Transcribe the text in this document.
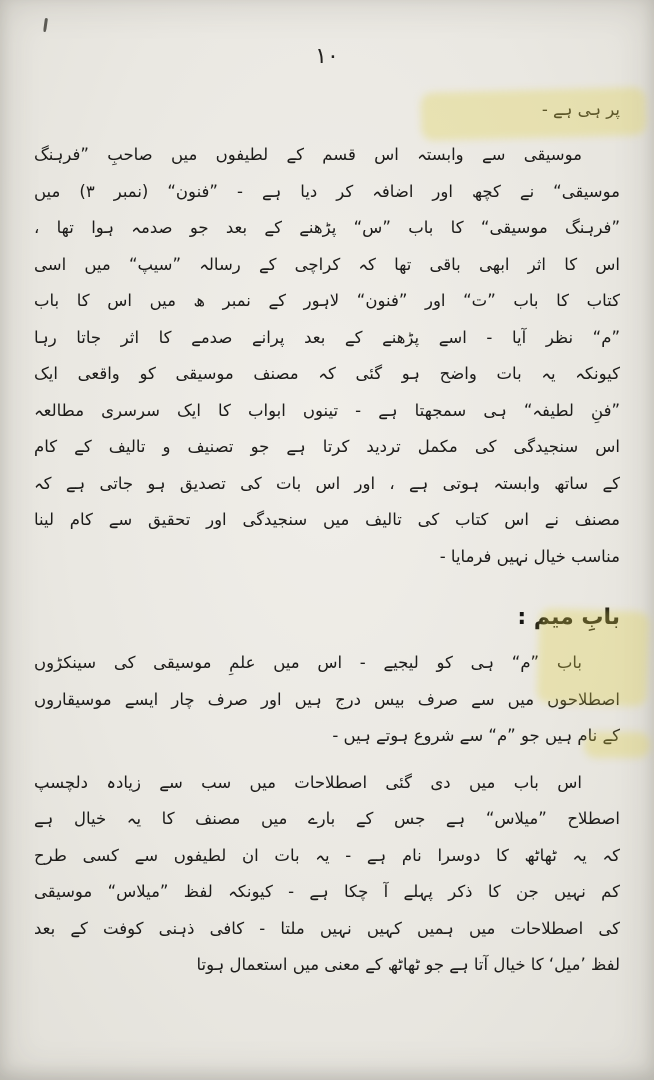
۱۰
پر ہی ہے -
موسیقی سے وابستہ اس قسم کے لطیفوں میں صاحبِ ”فرہنگ
موسیقی“ نے کچھ اور اضافہ کر دیا ہے - ”فنون“ (نمبر ۳) میں
”فرہنگ موسیقی“ کا باب ”س“ پڑھنے کے بعد جو صدمہ ہوا تھا ،
اس کا اثر ابھی باقی تھا کہ کراچی کے رسالہ ”سیپ“ میں اسی
کتاب کا باب ”ت“ اور ”فنون“ لاہور کے نمبر ھ میں اس کا باب
”م“ نظر آیا - اسے پڑھنے کے بعد پرانے صدمے کا اثر جاتا رہا
کیونکہ یہ بات واضح ہو گئی کہ مصنف موسیقی کو واقعی ایک
”فنِ لطیفہ“ ہی سمجھتا ہے - تینوں ابواب کا ایک سرسری مطالعہ
اس سنجیدگی کی مکمل تردید کرتا ہے جو تصنیف و تالیف کے کام
کے ساتھ وابستہ ہوتی ہے ، اور اس بات کی تصدیق ہو جاتی ہے کہ
مصنف نے اس کتاب کی تالیف میں سنجیدگی اور تحقیق سے کام لینا
مناسب خیال نہیں فرمایا -
بابِ میم :
باب ”م“ ہی کو لیجیے - اس میں علمِ موسیقی کی سینکڑوں
اصطلاحوں میں سے صرف بیس درج ہیں اور صرف چار ایسے موسیقاروں
کے نام ہیں جو ”م“ سے شروع ہوتے ہیں -
اس باب میں دی گئی اصطلاحات میں سب سے زیادہ دلچسپ
اصطلاح ”میلاس“ ہے جس کے بارے میں مصنف کا یہ خیال ہے
کہ یہ ٹھاٹھ کا دوسرا نام ہے - یہ بات ان لطیفوں سے کسی طرح
کم نہیں جن کا ذکر پہلے آ چکا ہے - کیونکہ لفظ ”میلاس“ موسیقی
کی اصطلاحات میں ہمیں کہیں نہیں ملتا - کافی ذہنی کوفت کے بعد
لفظ ’میل‘ کا خیال آتا ہے جو ٹھاٹھ کے معنی میں استعمال ہوتا
